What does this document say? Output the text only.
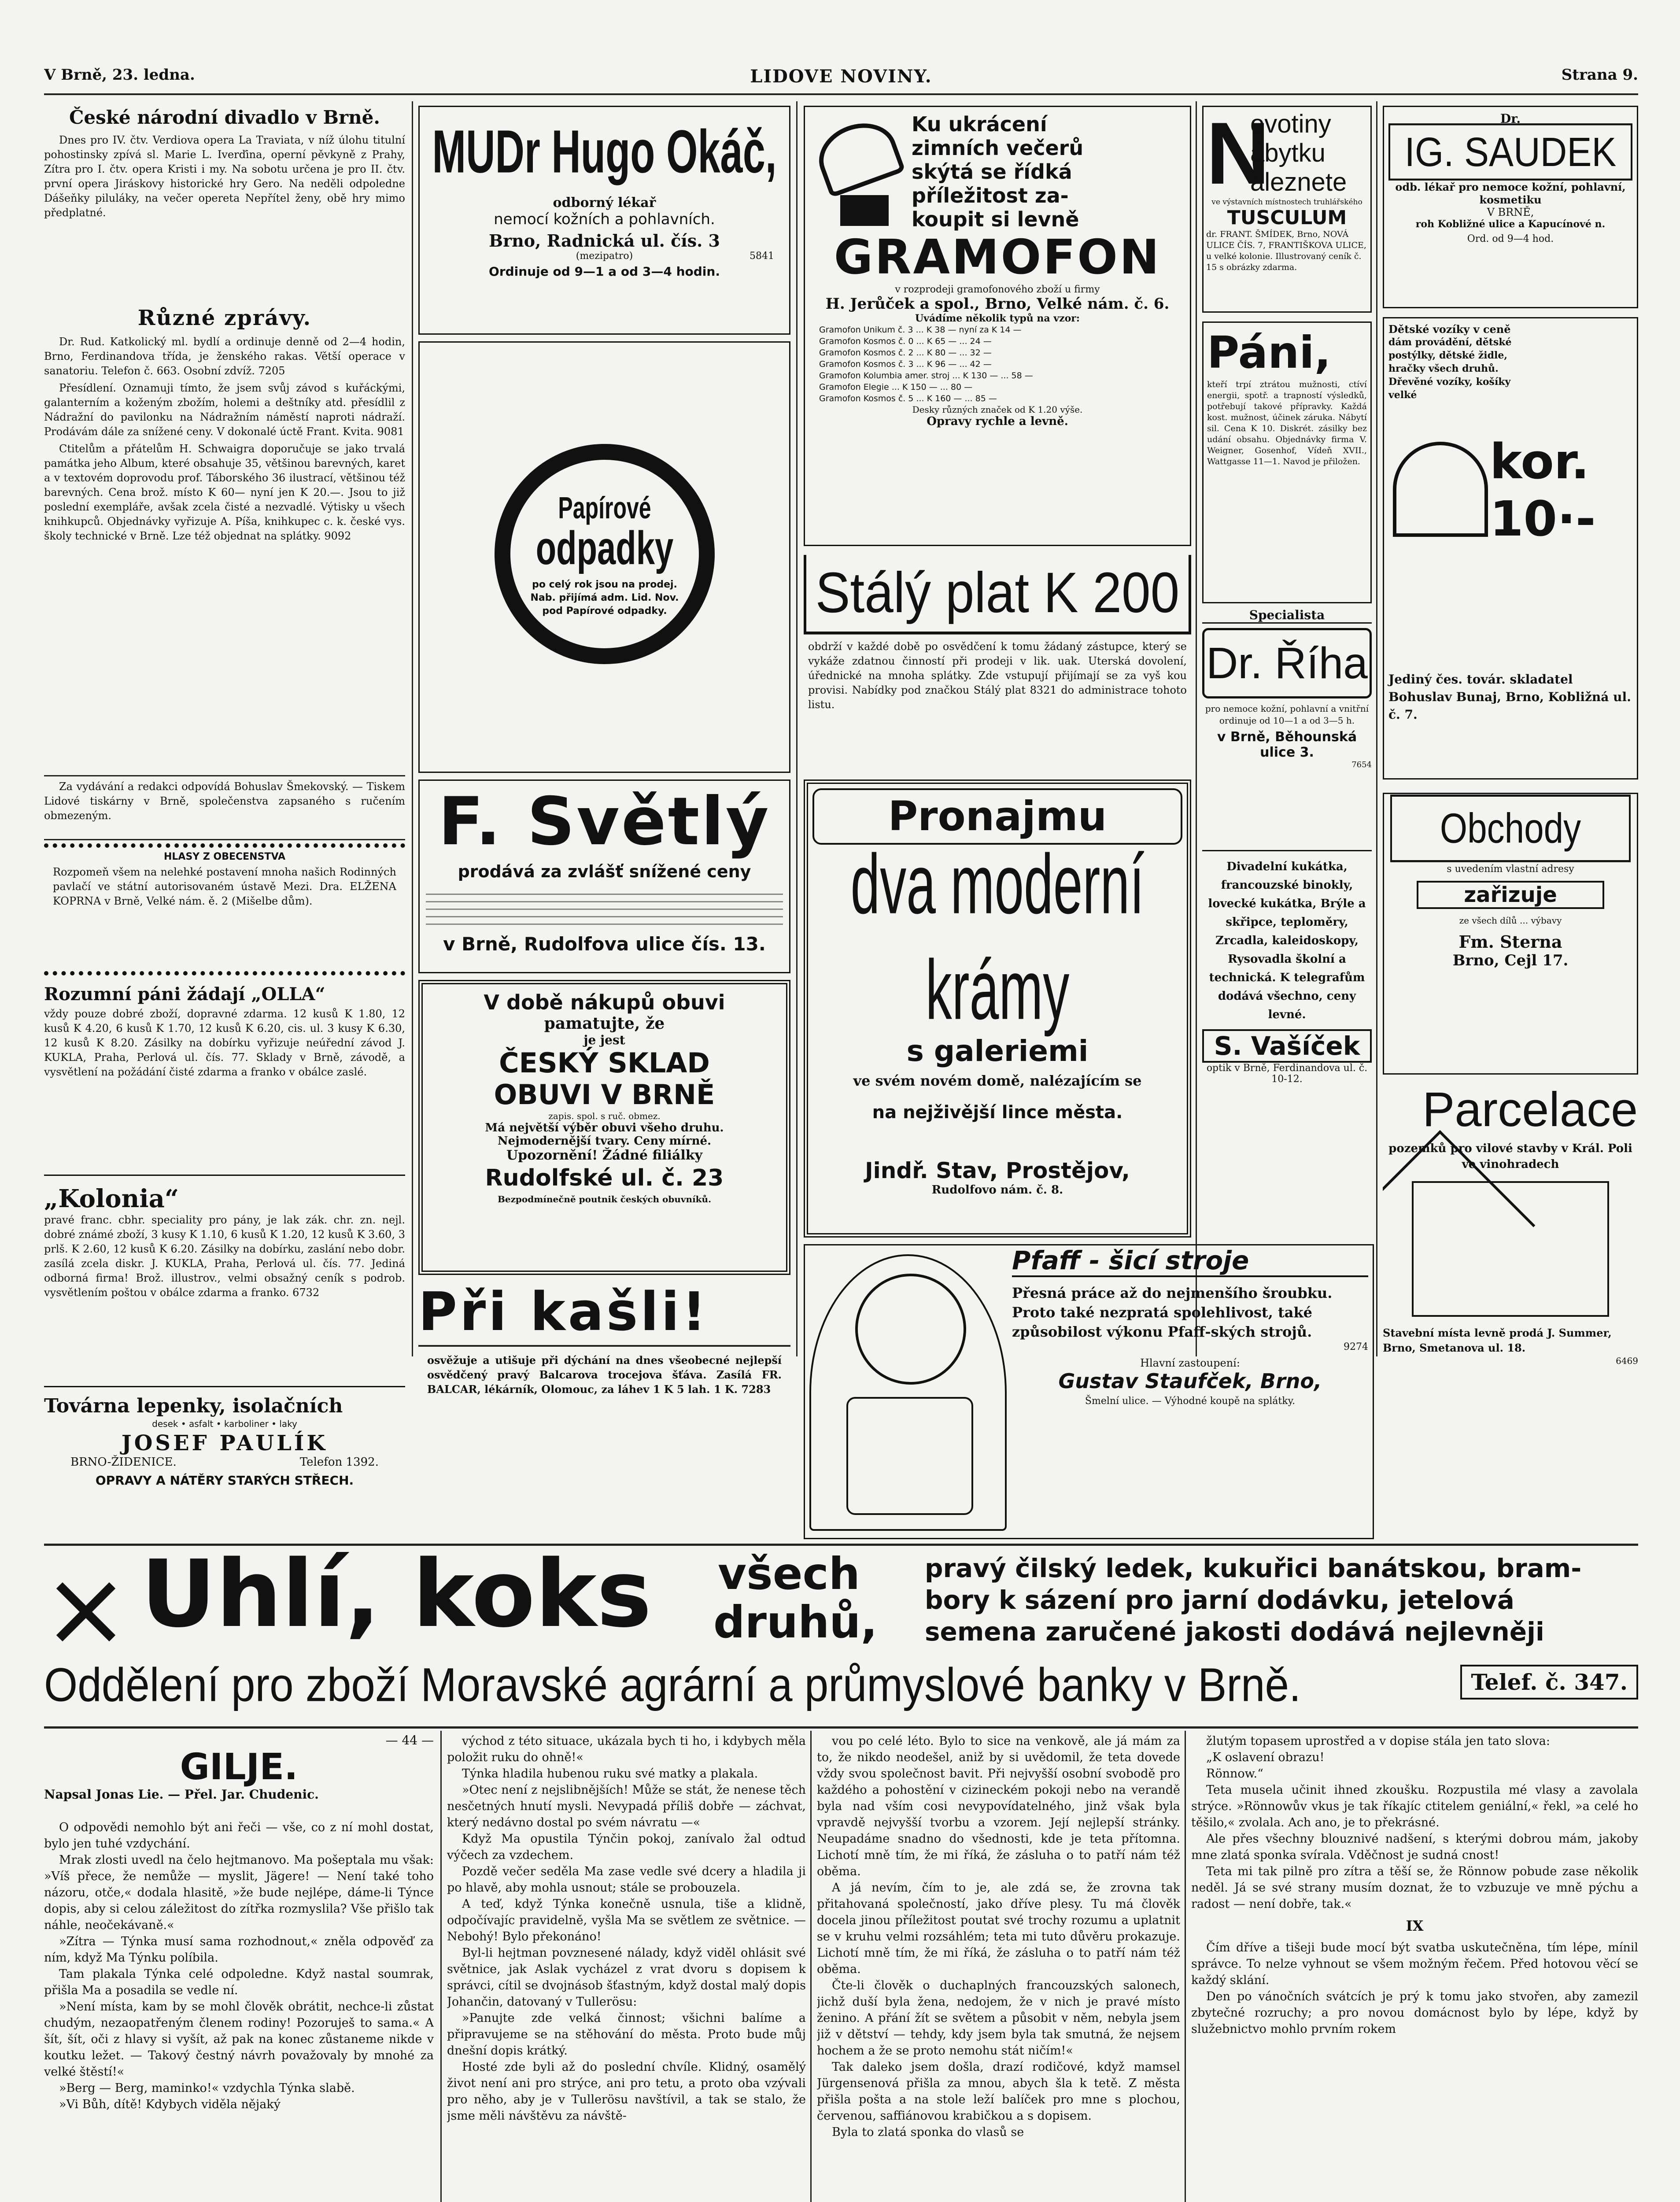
V Brně, 23. ledna.	LIDOVE NOVINY.	Strana 9.
České národní divadlo v Brně.

Dnes pro IV. čtv. Verdiova opera La Traviata, v níž úlohu titulní pohostinsky zpívá sl. Marie L. Iverďina, operní pěvkyně z Prahy, Zítra pro I. čtv. opera Kristi i my. Na sobotu určena je pro II. čtv. první opera Jiráskovy historické hry Gero. Na neděli odpoledne Dášeňky piluláky, na večer opereta Nepřítel ženy, obě hry mimo předplatné.

Různé zprávy.

Dr. Rud. Katkolický ml. bydlí a ordinuje denně od 2—4 hodin, Brno, Ferdinandova třída, je ženského rakas. Větší operace v sanatoriu. Telefon č. 663. Osobní zdvíž. 7205

Přesídlení. Oznamuji tímto, že jsem svůj závod s kuřáckými, galanterním a koženým zbožím, holemi a deštníky atd. přesídlil z Nádražní do pavilonku na Nádražním náměstí naproti nádraží. Prodávám dále za snížené ceny. V dokonalé úctě Frant. Kvita. 9081

Ctitelům a přátelům H. Schwaigra doporučuje se jako trvalá památka jeho Album, které obsahuje 35, většinou barevných, karet a v textovém doprovodu prof. Táborského 36 ilustrací, většinou též barevných. Cena brož. místo K 60— nyní jen K 20.—. Jsou to již poslední exempláře, avšak zcela čisté a nezvadlé. Výtisky u všech knihkupců. Objednávky vyřizuje A. Píša, knihkupec c. k. české vys. školy technické v Brně. Lze též objednat na splátky. 9092

Za vydávání a redakci odpovídá Bohuslav Šmekovský. — Tiskem Lidové tiskárny v Brně, společenstva zapsaného s ručením obmezeným.

HLASY Z OBECENSTVA

Rozpomeň všem na nelehké postavení mnoha našich Rodinných pavlačí ve státní autorisovaném ústavě Mezi. Dra. ELŽENA KOPRNA v Brně, Velké nám. ě. 2 (Mišelbe dům).

Rozumní páni žádají „OLLA“

vždy pouze dobré zboží, dopravné zdarma. 12 kusů K 1.80, 12 kusů K 4.20, 6 kusů K 1.70, 12 kusů K 6.20, cis. ul. 3 kusy K 6.30, 12 kusů K 8.20. Zásilky na dobírku vyřizuje neúřední závod J. KUKLA, Praha, Perlová ul. čís. 77. Sklady v Brně, závodě, a vysvětlení na požádání čisté zdarma a franko v obálce zaslé.

„Kolonia“

pravé franc. cbhr. speciality pro pány, je lak zák. chr. zn. nejl. dobré známé zboží, 3 kusy K 1.10, 6 kusů K 1.20, 12 kusů K 3.60, 3 prlš. K 2.60, 12 kusů K 6.20. Zásilky na dobírku, zaslání nebo dobr. zasílá zcela diskr. J. KUKLA, Praha, Perlová ul. čís. 77. Jediná odborná firma! Brož. illustrov., velmi obsažný ceník s podrob. vysvětlením poštou v obálce zdarma a franko. 6732

Továrna lepenky, isolačních
desek • asfalt • karboliner • laky
JOSEF PAULÍK
BRNO-ŽIDENICE.	Telefon 1392.
OPRAVY A NÁTĚRY STARÝCH STŘECH.
MUDr Hugo Okáč,
odborný lékař
nemocí kožních a pohlavních.
Brno, Radnická ul. čís. 3
(mezipatro)	5841
Ordinuje od 9—1 a od 3—4 hodin.
Papírové
odpadky

po celý rok jsou na prodej. Nab. přijímá adm. Lid. Nov. pod Papírové odpadky.

F. Světlý
prodává za zvlášť snížené ceny
v Brně, Rudolfova ulice čís. 13.
V době nákupů obuvi
pamatujte, že
je jest
ČESKÝ SKLAD
OBUVI V BRNĚ
zapis. spol. s ruč. obmez.
Má největší výběr obuvi všeho druhu.
Nejmodernější tvary. Ceny mírné.
Upozornění! Žádné filiálky
Rudolfské ul. č. 23
Bezpodmínečně poutnik českých obuvníků.
Při kašli!

osvěžuje a utišuje při dýchání na dnes všeobecné nejlepší osvědčený pravý Balcarova trocejova šťáva. Zasílá FR. BALCAR, lékárník, Olomouc, za láhev 1 K 5 lah. 1 K. 7283

Ku ukrácení
zimních večerů
skýtá se řídká
příležitost za-
koupit si levně
GRAMOFON
v rozprodeji gramofonového zboží u firmy
H. Jerůček a spol., Brno, Velké nám. č. 6.
Uvádíme několik typů na vzor:
Gramofon Unikum č. 3 ... K 38 — nyní za K 14 —
Gramofon Kosmos č. 0 ... K 65 — ... 24 —
Gramofon Kosmos č. 2 ... K 80 — ... 32 —
Gramofon Kosmos č. 3 ... K 96 — ... 42 —
Gramofon Kolumbia amer. stroj ... K 130 — ... 58 —
Gramofon Elegie ... K 150 — ... 80 —
Gramofon Kosmos č. 5 ... K 160 — ... 85 —
Desky různých značek od K 1.20 výše.
Opravy rychle a levně.
Stálý plat K 200

obdrží v každé době po osvědčení k tomu žádaný zástupce, který se vykáže zdatnou činností při prodeji v lik. uak. Uterská dovolení, úřednické na mnoha splátky. Zde vstupují přijímají se za vyš kou provisi. Nabídky pod značkou Stálý plat 8321 do administrace tohoto listu.

Pronajmu
dva moderní krámy
s galeriemi
ve svém novém domě, nalézajícím se
na nejživější lince města.
Jindř. Stav, Prostějov,
Rudolfovo nám. č. 8.
Pfaff - šicí stroje

Přesná práce až do nejmenšího šroubku. Proto také nezpratá spolehlivost, také způsobilost výkonu Pfaff-ských strojů.

9274
Hlavní zastoupení:
Gustav Staufček, Brno,
Šmelní ulice. — Výhodné koupě na splátky.
N
ovotiny
ábytku
aleznete
ve výstavních místnostech truhlářského
TUSCULUM

dr. FRANT. ŠMÍDEK, Brno, NOVÁ ULICE ČÍS. 7, FRANTIŠKOVA ULICE, u velké kolonie. Illustrovaný ceník č. 15 s obrázky zdarma.

Páni,

kteří trpí ztrátou mužnosti, ctíví energii, spotř. a trapností výsledků, potřebují takové přípravky. Každá kost. mužnost, účinek záruka. Nábytí sil. Cena K 10. Diskrét. zásilky bez udání obsahu. Objednávky firma V. Weigner, Gosenhof, Vídeň XVII., Wattgasse 11—1. Navod je přiložen.

Specialista
Dr. Říha

pro nemoce kožní, pohlavní a vnitřní ordinuje od 10—1 a od 3—5 h.

v Brně, Běhounská ulice 3.
7654

Divadelní kukátka, francouzské binokly, lovecké kukátka, Brýle a skřipce, teploměry, Zrcadla, kaleidoskopy, Rysovadla školní a technická. K telegrafům dodává všechno, ceny levné.

S. Vašíček
optik v Brně, Ferdinandova ul. č. 10-12.
Dr.
IG. SAUDEK
odb. lékař pro nemoce kožní, pohlavní, kosmetiku
V BRNĚ,
roh Kobližné ulice a Kapucínové n.
Ord. od 9—4 hod.
Dětské vozíky v ceně

dám provádění, dětské postýlky, dětské židle, hračky všech druhů. Dřevěné vozíky, košíky velké

kor. 10·-
Jediný čes. továr. skladatel Bohuslav Bunaj, Brno, Kobližná ul. č. 7.
Obchody

s uvedením vlastní adresy

zařizuje

ze všech dílů ... výbavy

Fm. Sterna
Brno, Cejl 17.
Parcelace

pozemků pro vilové stavby v Král. Poli ve vinohradech

Stavební místa levně prodá J. Summer, Brno, Smetanova ul. 18.

6469
Uhlí, koks všech
druhů,
pravý čilský ledek, kukuřici banátskou, bram-
bory k sázení pro jarní dodávku, jetelová
semena zaručené jakosti dodává nejlevněji
Oddělení pro zboží Moravské agrární a průmyslové banky v Brně.	Telef. č. 347.
— 44 —
GILJE.
Napsal Jonas Lie. — Přel. Jar. Chudenic.

O odpovědi nemohlo být ani řeči — vše, co z ní mohl dostat, bylo jen tuhé vzdychání.

Mrak zlosti uvedl na čelo hejtmanovo. Ma pošeptala mu však: »Víš přece, že nemůže — myslit, Jägere! — Není také toho názoru, otče,« dodala hlasitě, »že bude nejlépe, dáme-li Týnce dopis, aby si celou záležitost do zítřka rozmyslila? Vše přišlo tak náhle, neočekávaně.«

»Zítra — Týnka musí sama rozhodnout,« zněla odpověď za ním, když Ma Týnku políbila.

Tam plakala Týnka celé odpoledne. Když nastal soumrak, přišla Ma a posadila se vedle ní.

»Není místa, kam by se mohl člověk obrátit, nechce-li zůstat chudým, nezaopatřeným členem rodiny! Pozoruješ to sama.« A šít, šít, oči z hlavy si vyšít, až pak na konec zůstaneme nikde v koutku ležet. — Takový čestný návrh považovaly by mnohé za velké štěstí!«

»Berg — Berg, maminko!« vzdychla Týnka slabě.

»Vi Bůh, dítě! Kdybych viděla nějaký

východ z této situace, ukázala bych ti ho, i kdybych měla položit ruku do ohně!«

Týnka hladila hubenou ruku své matky a plakala.

»Otec není z nejslibnějších! Může se stát, že nenese těch nesčetných hnutí mysli. Nevypadá příliš dobře — záchvat, který nedávno dostal po svém návratu —«

Když Ma opustila Týnčin pokoj, zanívalo žal odtud výčech za vzdechem.

Pozdě večer seděla Ma zase vedle své dcery a hladila ji po hlavě, aby mohla usnout; stále se probouzela.

A teď, když Týnka konečně usnula, tiše a klidně, odpočívajíc pravidelně, vyšla Ma se světlem ze světnice. — Nebohý! Bylo překonáno!

Byl-li hejtman povznesené nálady, když viděl ohlásit své světnice, jak Aslak vycházel z vrat dvoru s dopisem k správci, cítil se dvojnásob šťastným, když dostal malý dopis Johančin, datovaný v Tullerösu:

»Panujte zde velká činnost; všichni balíme a připravujeme se na stěhování do města. Proto bude můj dnešní dopis krátký.

Hosté zde byli až do poslední chvíle. Klidný, osamělý život není ani pro strýce, ani pro tetu, a proto oba vzývali pro něho, aby je v Tullerösu navštívil, a tak se stalo, že jsme měli návštěvu za návště-

vou po celé léto. Bylo to sice na venkově, ale já mám za to, že nikdo neodešel, aniž by si uvědomil, že teta dovede vždy svou společnost bavit. Při nejvyšší osobní svobodě pro každého a pohostění v cizineckém pokoji nebo na verandě byla nad vším cosi nevypovídatelného, jinž však byla vpravdě nejvyšší tvorbu a vzorem. Její nejlepší stránky. Neupadáme snadno do všednosti, kde je teta přítomna. Lichotí mně tím, že mi říká, že zásluha o to patří nám též oběma.

A já nevím, čím to je, ale zdá se, že zrovna tak přitahovaná společností, jako dříve plesy. Tu má člověk docela jinou příležitost poutat své trochy rozumu a uplatnit se v kruhu velmi rozsáhlém; teta mi tuto důvěru prokazuje. Lichotí mně tím, že mi říká, že zásluha o to patří nám též oběma.

Čte-li člověk o duchaplných francouzských salonech, jichž duší byla žena, nedojem, že v nich je pravé místo ženino. A přání žít se světem a působit v něm, nebyla jsem již v dětství — tehdy, kdy jsem byla tak smutná, že nejsem hochem a že se proto nemohu stát ničím!«

Tak daleko jsem došla, drazí rodičové, když mamsel Jürgensenová přišla za mnou, abych šla k tetě. Z města přišla pošta a na stole leží balíček pro mne s plochou, červenou, saffiánovou krabičkou a s dopisem.

Byla to zlatá sponka do vlasů se

žlutým topasem uprostřed a v dopise stála jen tato slova:

„K oslavení obrazu!

Rönnow.“

Teta musela učinit ihned zkoušku. Rozpustila mé vlasy a zavolala strýce. »Rönnowův vkus je tak říkajíc ctitelem geniální,« řekl, »a celé ho těšilo,« zvolala. Ach ano, je to překrásné.

Ale přes všechny blouznivé nadšení, s kterými dobrou mám, jakoby mne zlatá sponka svírala. Vděčnost je sudná cnost!

Teta mi tak pilně pro zítra a těší se, že Rönnow pobude zase několik neděl. Já se své strany musím doznat, že to vzbuzuje ve mně pýchu a radost — není dobře, tak.«

IX

Čím dříve a tišeji bude mocí být svatba uskutečněna, tím lépe, mínil správce. To nelze vyhnout se všem možným řečem. Před hotovou věcí se každý sklání.

Den po vánočních svátcích je prý k tomu jako stvořen, aby zamezil zbytečné rozruchy; a pro novou domácnost bylo by lépe, když by služebnictvo mohlo prvním rokem
